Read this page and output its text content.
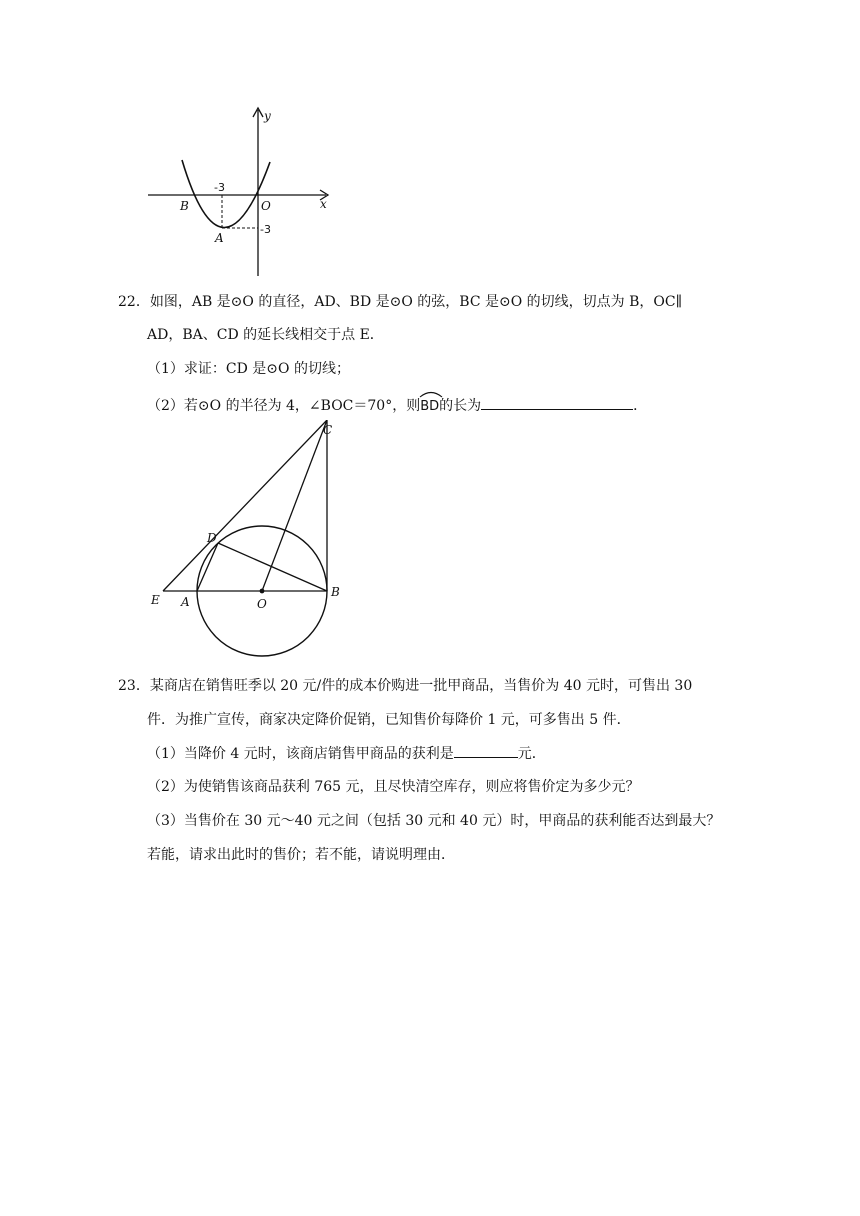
y
x
B	O
A
-3
-3
22．如图，AB 是⊙O 的直径，AD、BD 是⊙O 的弦，BC 是⊙O 的切线，切点为 B，OC∥
AD，BA、CD 的延长线相交于点 E．
（1）求证：CD 是⊙O 的切线；
（2）若⊙O 的半径为 4，∠BOC＝70°，则
BD的长为	．
C
D
E A	O
B
23．某商店在销售旺季以 20 元/件的成本价购进一批甲商品，当售价为 40 元时，可售出 30
件．为推广宣传，商家决定降价促销，已知售价每降价 1 元，可多售出 5 件．
（1）当降价 4 元时，该商店销售甲商品的获利是	元．
（2）为使销售该商品获利 765 元，且尽快清空库存，则应将售价定为多少元？
（3）当售价在 30 元～40 元之间（包括 30 元和 40 元）时，甲商品的获利能否达到最大？
若能，请求出此时的售价；若不能，请说明理由．
